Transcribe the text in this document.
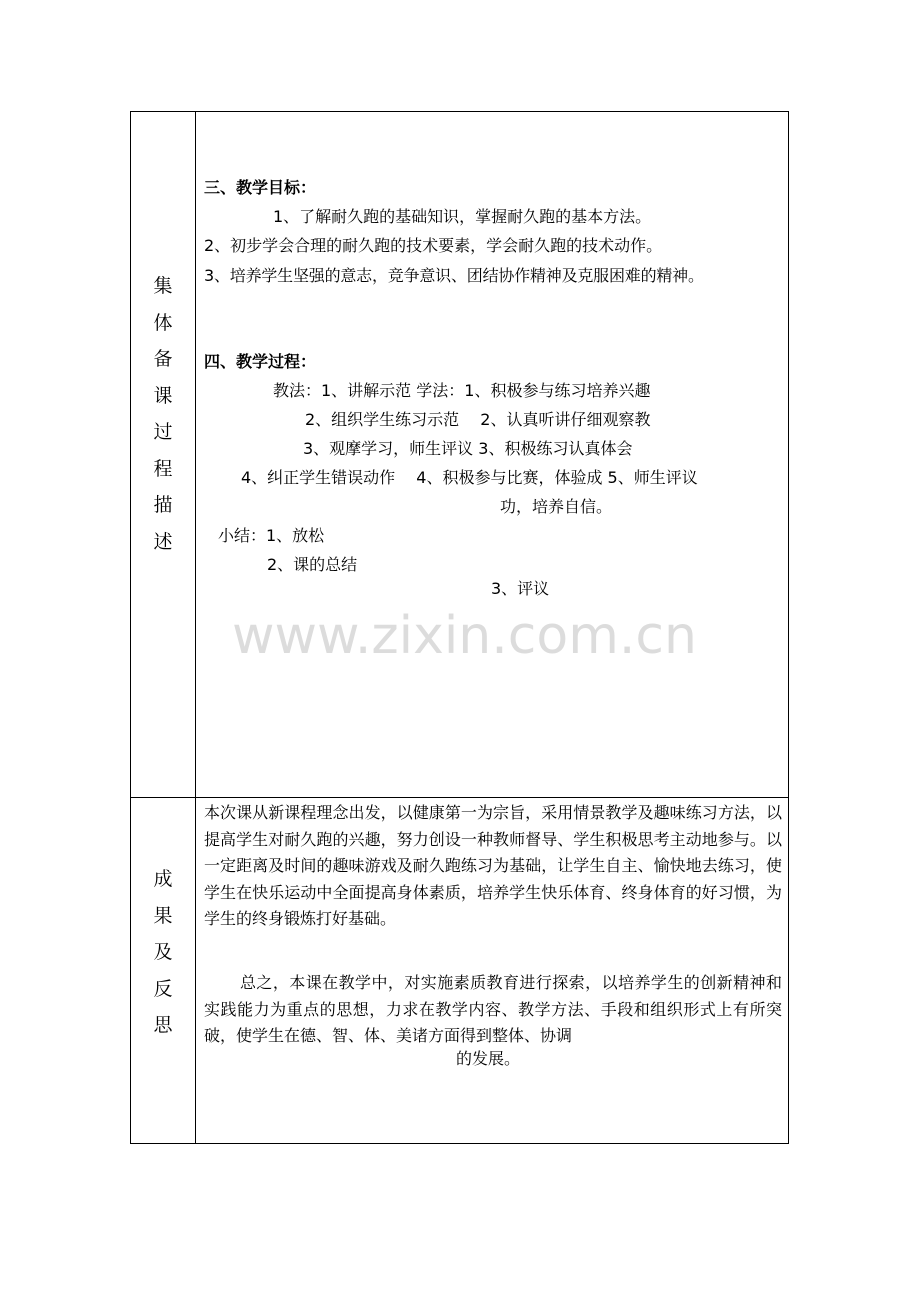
集
体
备
课
过
程
描
述
成
果
及
反
思
三、教学目标：
1、了解耐久跑的基础知识，掌握耐久跑的基本方法。
2、初步学会合理的耐久跑的技术要素，学会耐久跑的技术动作。
3、培养学生坚强的意志，竞争意识、团结协作精神及克服困难的精神。
四、教学过程：
教法：1、讲解示范 学法：1、积极参与练习培养兴趣
2、组织学生练习示范　 2、认真听讲仔细观察教
3、观摩学习，师生评议 3、积极练习认真体会
4、纠正学生错误动作　 4、积极参与比赛，体验成 5、师生评议
功，培养自信。
小结：1、放松
2、课的总结
3、评议
www.zixin.com.cn
本次课从新课程理念出发，以健康第一为宗旨，采用情景教学及趣味练习方法，以提高学生对耐久跑的兴趣，努力创设一种教师督导、学生积极思考主动地参与。以一定距离及时间的趣味游戏及耐久跑练习为基础，让学生自主、愉快地去练习，使学生在快乐运动中全面提高身体素质，培养学生快乐体育、终身体育的好习惯，为学生的终身锻炼打好基础。
总之，本课在教学中，对实施素质教育进行探索，以培养学生的创新精神和实践能力为重点的思想，力求在教学内容、教学方法、手段和组织形式上有所突破，使学生在德、智、体、美诸方面得到整体、协调
的发展。
